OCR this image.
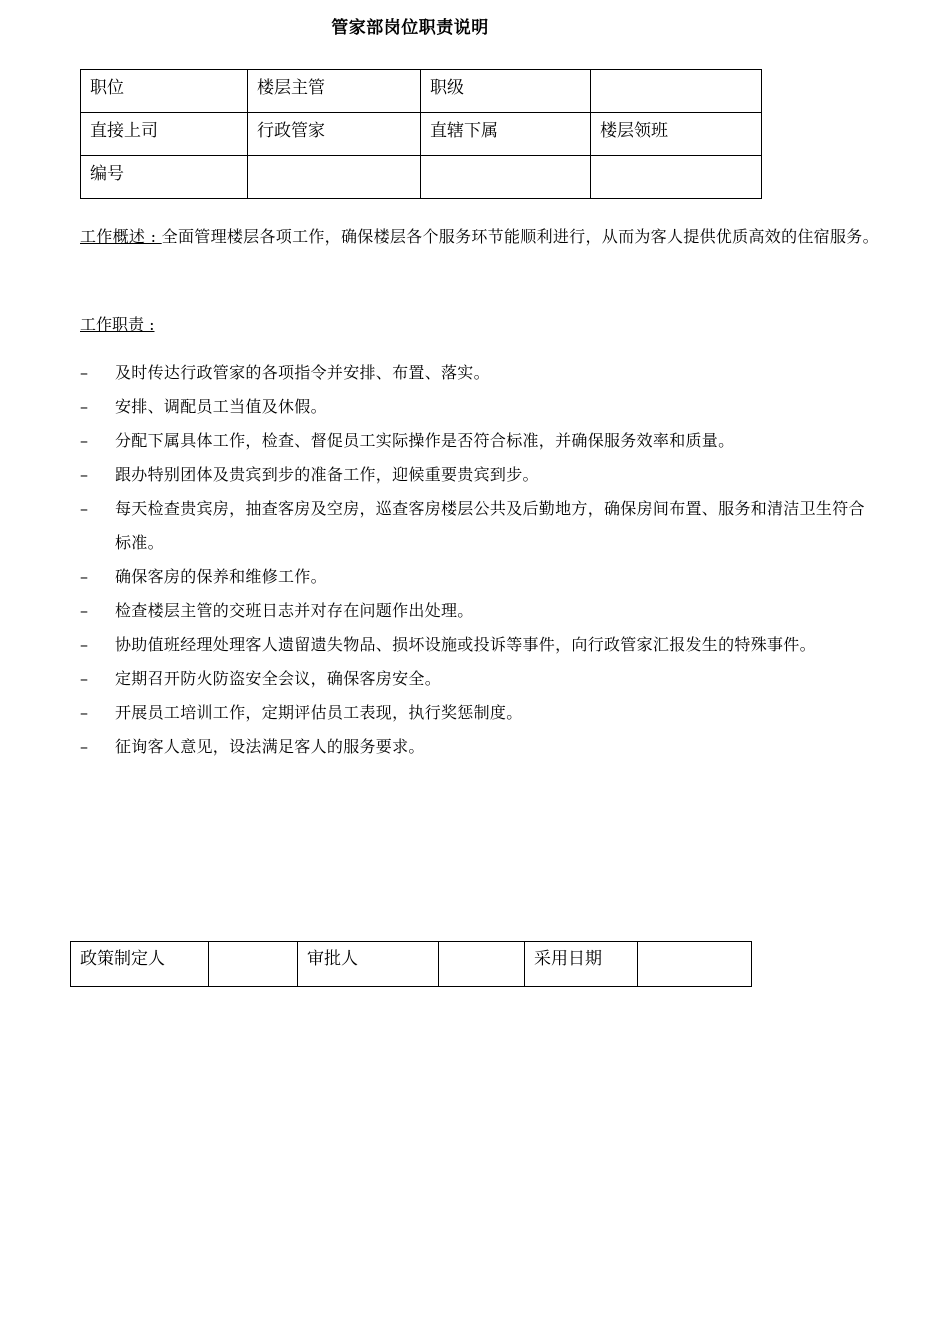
管家部岗位职责说明
职位	楼层主管	职级	
直接上司	行政管家	直辖下属	楼层领班
编号			
工作概述 : 全面管理楼层各项工作，确保楼层各个服务环节能顺利进行，从而为客人提供优质高效的住宿服务。
工作职责 :
– 及时传达行政管家的各项指令并安排、布置、落实。
– 安排、调配员工当值及休假。
– 分配下属具体工作，检查、督促员工实际操作是否符合标准，并确保服务效率和质量。
– 跟办特别团体及贵宾到步的准备工作，迎候重要贵宾到步。
– 每天检查贵宾房，抽查客房及空房，巡查客房楼层公共及后勤地方，确保房间布置、服务和清洁卫生符合标准。
– 确保客房的保养和维修工作。
– 检查楼层主管的交班日志并对存在问题作出处理。
– 协助值班经理处理客人遗留遗失物品、损坏设施或投诉等事件，向行政管家汇报发生的特殊事件。
– 定期召开防火防盗安全会议，确保客房安全。
– 开展员工培训工作，定期评估员工表现，执行奖惩制度。
– 征询客人意见，设法满足客人的服务要求。
政策制定人		审批人		采用日期	
